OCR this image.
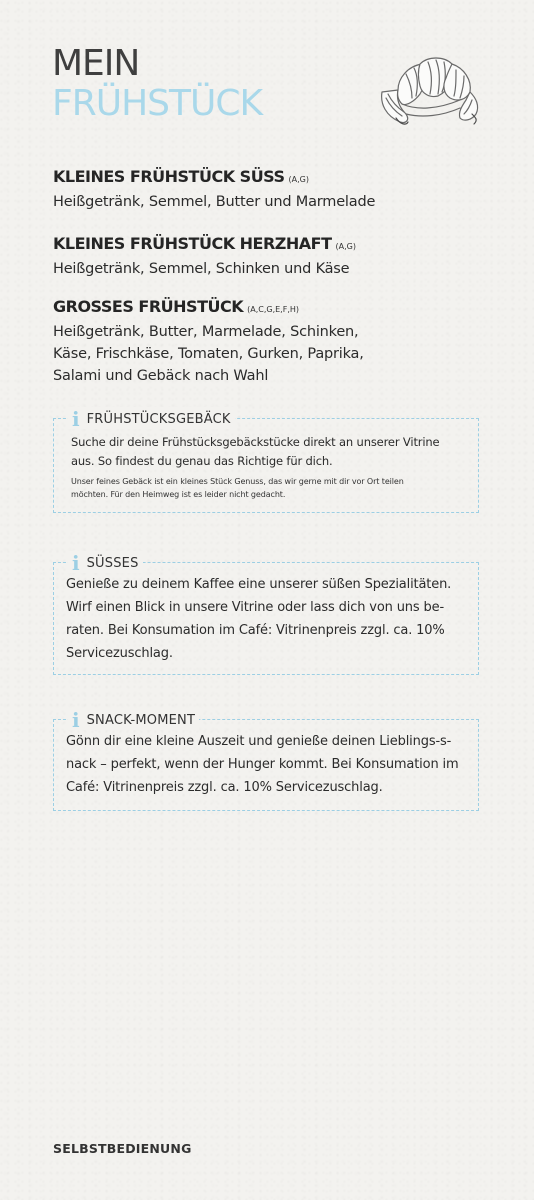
MEIN
FRÜHSTÜCK
KLEINES FRÜHSTÜCK SÜSS (A,G)
Heißgetränk, Semmel, Butter und Marmelade
KLEINES FRÜHSTÜCK HERZHAFT (A,G)
Heißgetränk, Semmel, Schinken und Käse
GROSSES FRÜHSTÜCK (A,C,G,E,F,H)
Heißgetränk, Butter, Marmelade, Schinken,
Käse, Frischkäse, Tomaten, Gurken, Paprika,
Salami und Gebäck nach Wahl
i FRÜHSTÜCKSGEBÄCK
Suche dir deine Frühstücksgebäckstücke direkt an unserer Vitrine
aus. So findest du genau das Richtige für dich.
Unser feines Gebäck ist ein kleines Stück Genuss, das wir gerne mit dir vor Ort teilen
möchten. Für den Heimweg ist es leider nicht gedacht.
i SÜSSES
Genieße zu deinem Kaffee eine unserer süßen Spezialitäten.
Wirf einen Blick in unsere Vitrine oder lass dich von uns be-
raten. Bei Konsumation im Café: Vitrinenpreis zzgl. ca. 10%
Servicezuschlag.
i SNACK-MOMENT
Gönn dir eine kleine Auszeit und genieße deinen Lieblings-s-
nack – perfekt, wenn der Hunger kommt. Bei Konsumation im
Café: Vitrinenpreis zzgl. ca. 10% Servicezuschlag.
SELBSTBEDIENUNG
